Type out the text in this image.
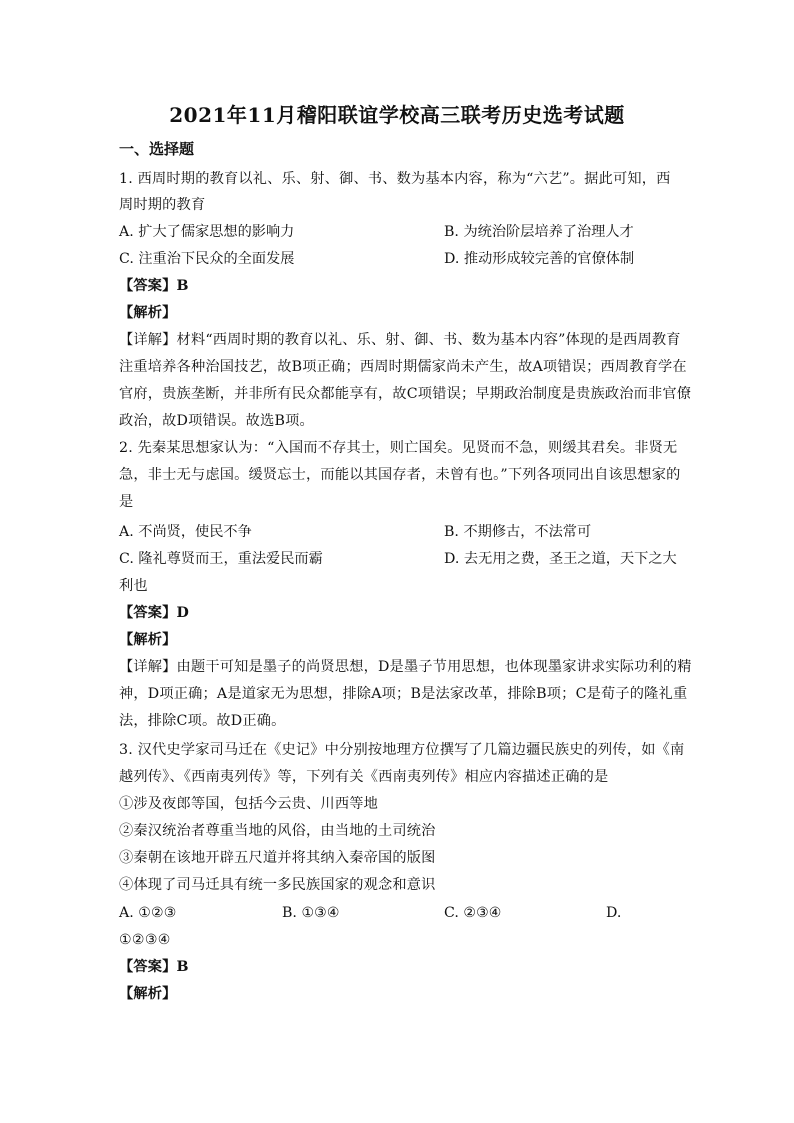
2021年11月稽阳联谊学校高三联考历史选考试题
一、选择题
1. 西周时期的教育以礼、乐、射、御、书、数为基本内容，称为“六艺”。据此可知，西
周时期的教育
A. 扩大了儒家思想的影响力	B. 为统治阶层培养了治理人才
C. 注重治下民众的全面发展	D. 推动形成较完善的官僚体制
【答案】B
【解析】
【详解】材料“西周时期的教育以礼、乐、射、御、书、数为基本内容”体现的是西周教育
注重培养各种治国技艺，故B项正确；西周时期儒家尚未产生，故A项错误；西周教育学在
官府，贵族垄断，并非所有民众都能享有，故C项错误；早期政治制度是贵族政治而非官僚
政治，故D项错误。故选B项。
2. 先秦某思想家认为：“入国而不存其士，则亡国矣。见贤而不急，则缓其君矣。非贤无
急，非士无与虑国。缓贤忘士，而能以其国存者，未曾有也。”下列各项同出自该思想家的
是
A. 不尚贤，使民不争	B. 不期修古，不法常可
C. 隆礼尊贤而王，重法爱民而霸	D. 去无用之费，圣王之道，天下之大
利也
【答案】D
【解析】
【详解】由题干可知是墨子的尚贤思想，D是墨子节用思想，也体现墨家讲求实际功利的精
神，D项正确；A是道家无为思想，排除A项；B是法家改革，排除B项；C是荀子的隆礼重
法，排除C项。故D正确。
3. 汉代史学家司马迁在《史记》中分别按地理方位撰写了几篇边疆民族史的列传，如《南
越列传》、《西南夷列传》等，下列有关《西南夷列传》相应内容描述正确的是
①涉及夜郎等国，包括今云贵、川西等地
②秦汉统治者尊重当地的风俗，由当地的土司统治
③秦朝在该地开辟五尺道并将其纳入秦帝国的版图
④体现了司马迁具有统一多民族国家的观念和意识
A. ①②③	B. ①③④	C. ②③④	D.
①②③④
【答案】B
【解析】
